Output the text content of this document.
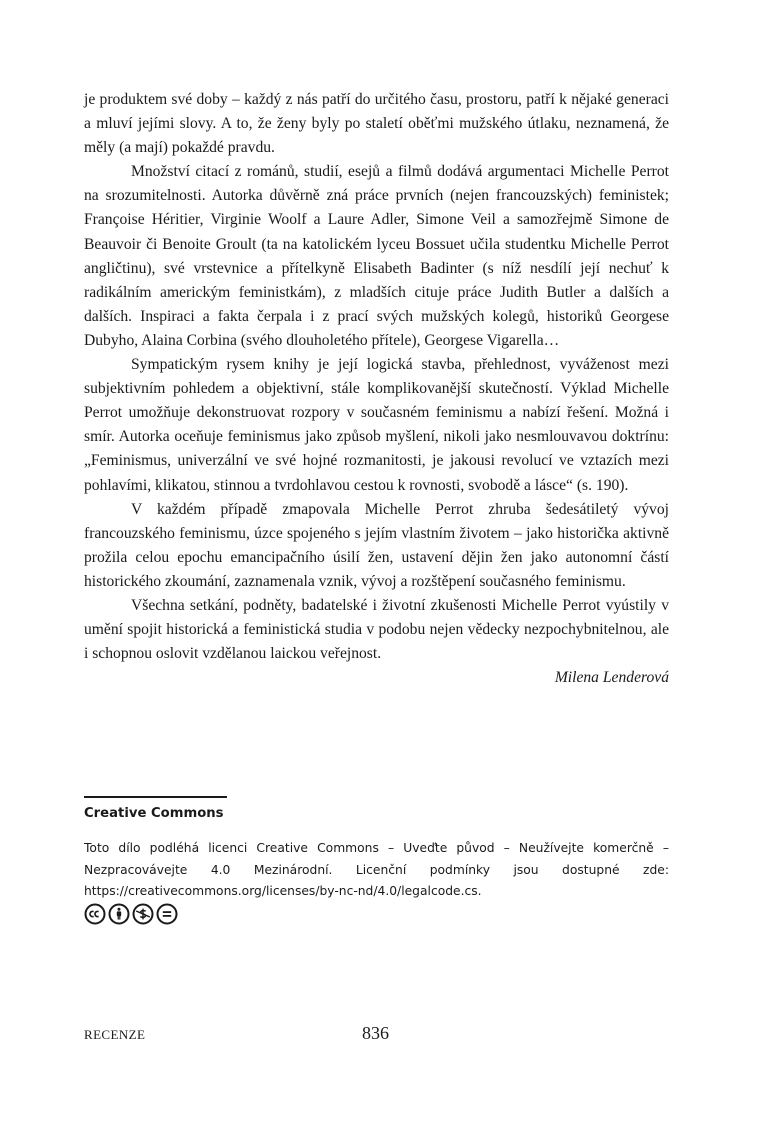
je produktem své doby – každý z nás patří do určitého času, prostoru, patří k nějaké generaci a mluví jejími slovy. A to, že ženy byly po staletí oběťmi mužského útlaku, neznamená, že měly (a mají) pokaždé pravdu.

Množství citací z románů, studií, esejů a filmů dodává argumentaci Michelle Perrot na srozumitelnosti. Autorka důvěrně zná práce prvních (nejen francouzských) feministek; Françoise Héritier, Virginie Woolf a Laure Adler, Simone Veil a samozřejmě Simone de Beauvoir či Benoite Groult (ta na katolickém lyceu Bossuet učila studentku Michelle Perrot angličtinu), své vrstevnice a přítelkyně Elisabeth Badinter (s níž nesdílí její nechuť k radikálním americkým feministkám), z mladších cituje práce Judith Butler a dalších a dalších. Inspiraci a fakta čerpala i z prací svých mužských kolegů, historiků Georgese Dubyho, Alaina Corbina (svého dlouholetého přítele), Georgese Vigarella…

Sympatickým rysem knihy je její logická stavba, přehlednost, vyváženost mezi subjektivním pohledem a objektivní, stále komplikovanější skutečností. Výklad Michelle Perrot umožňuje dekonstruovat rozpory v současném feminismu a nabízí řešení. Možná i smír. Autorka oceňuje feminismus jako způsob myšlení, nikoli jako nesmlouvavou doktrínu: „Feminismus, univerzální ve své hojné rozmanitosti, je jakousi revolucí ve vztazích mezi pohlavími, klikatou, stinnou a tvrdohlavou cestou k rovnosti, svobodě a lásce“ (s. 190).

V každém případě zmapovala Michelle Perrot zhruba šedesátiletý vývoj francouzského feminismu, úzce spojeného s jejím vlastním životem – jako historička aktivně prožila celou epochu emancipačního úsilí žen, ustavení dějin žen jako autonomní částí historického zkoumání, zaznamenala vznik, vývoj a rozštěpení současného feminismu.

Všechna setkání, podněty, badatelské i životní zkušenosti Michelle Perrot vyústily v umění spojit historická a feministická studia v podobu nejen vědecky nezpochybnitelnou, ale i schopnou oslovit vzdělanou laickou veřejnost.

Milena Lenderová

Creative Commons

Toto dílo podléhá licenci Creative Commons – Uveďte původ – Neužívejte komerčně – Nezpracovávejte 4.0 Mezinárodní. Licenční podmínky jsou dostupné zde: https://creativecommons.org/licenses/by-nc-nd/4.0/legalcode.cs.

RECENZE	836
